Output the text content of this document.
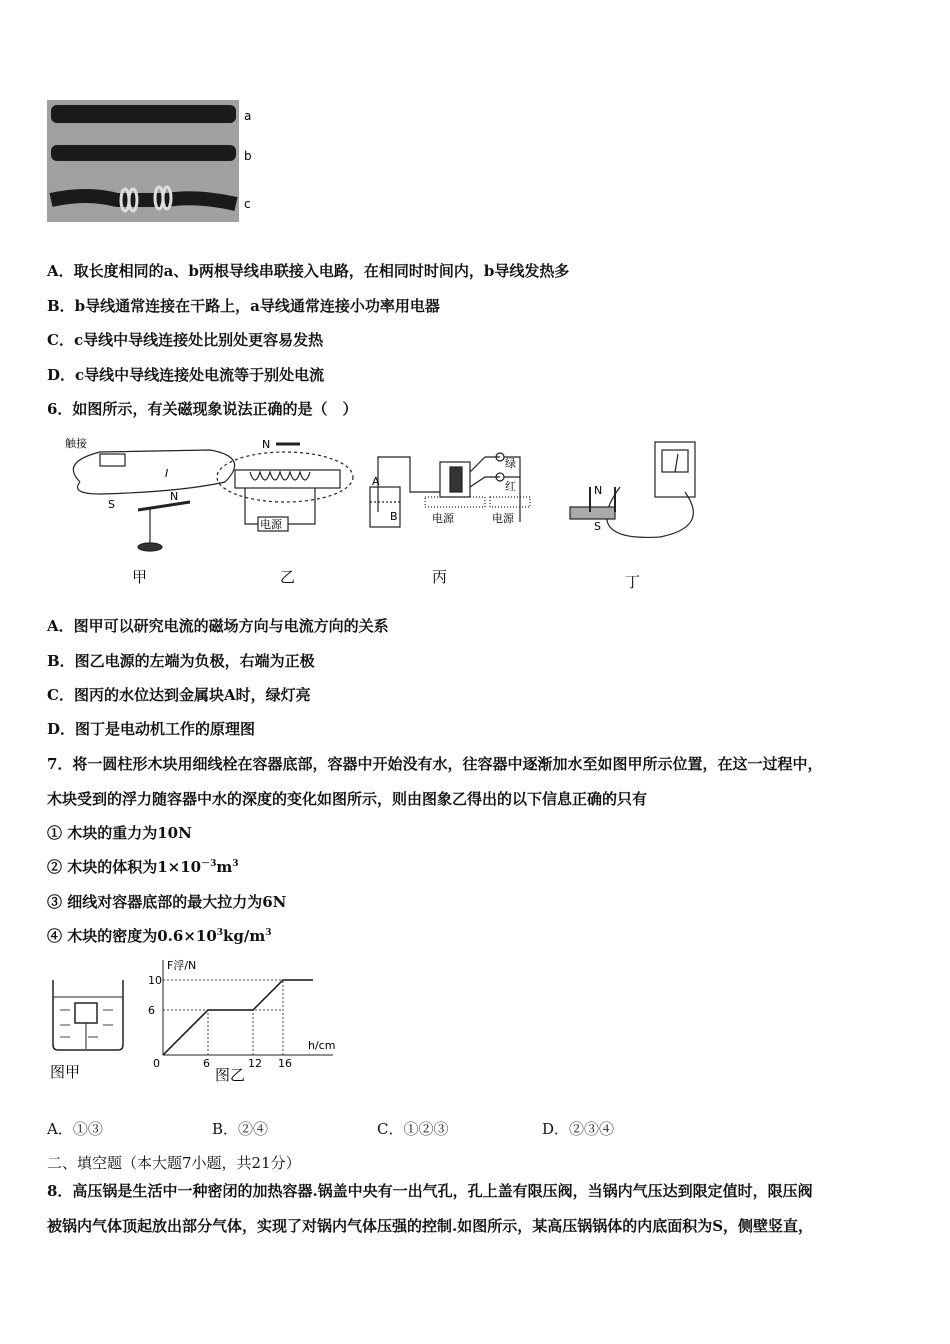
a
b
c
A．取长度相同的a、b两根导线串联接入电路，在相同时时间内，b导线发热多
B．b导线通常连接在干路上，a导线通常连接小功率用电器
C．c导线中导线连接处比别处更容易发热
D．c导线中导线连接处电流等于别处电流
6．如图所示，有关磁现象说法正确的是（　）
触接
I
S
N
甲
N
电源
乙
A
B
绿
红
电源	电源
丙
N
S
丁
A．图甲可以研究电流的磁场方向与电流方向的关系
B．图乙电源的左端为负极，右端为正极
C．图丙的水位达到金属块A时，绿灯亮
D．图丁是电动机工作的原理图
7．将一圆柱形木块用细线栓在容器底部，容器中开始没有水，往容器中逐渐加水至如图甲所示位置，在这一过程中，
木块受到的浮力随容器中水的深度的变化如图所示，则由图象乙得出的以下信息正确的只有
① 木块的重力为10N
② 木块的体积为$1\times 10^{-3}m^3$
③ 细线对容器底部的最大拉力为6N
④ 木块的密度为$0.6\times 10^3kg/m^3$
图甲
F浮/N
h/cm
0
6
10
6	12 16
图乙
A．①③	B．②④	C．①②③	D．②③④
二、填空题（本大题7小题，共21分）
8．高压锅是生活中一种密闭的加热容器.锅盖中央有一出气孔，孔上盖有限压阀，当锅内气压达到限定值时，限压阀
被锅内气体顶起放出部分气体，实现了对锅内气体压强的控制.如图所示，某高压锅锅体的内底面积为S，侧壁竖直，
